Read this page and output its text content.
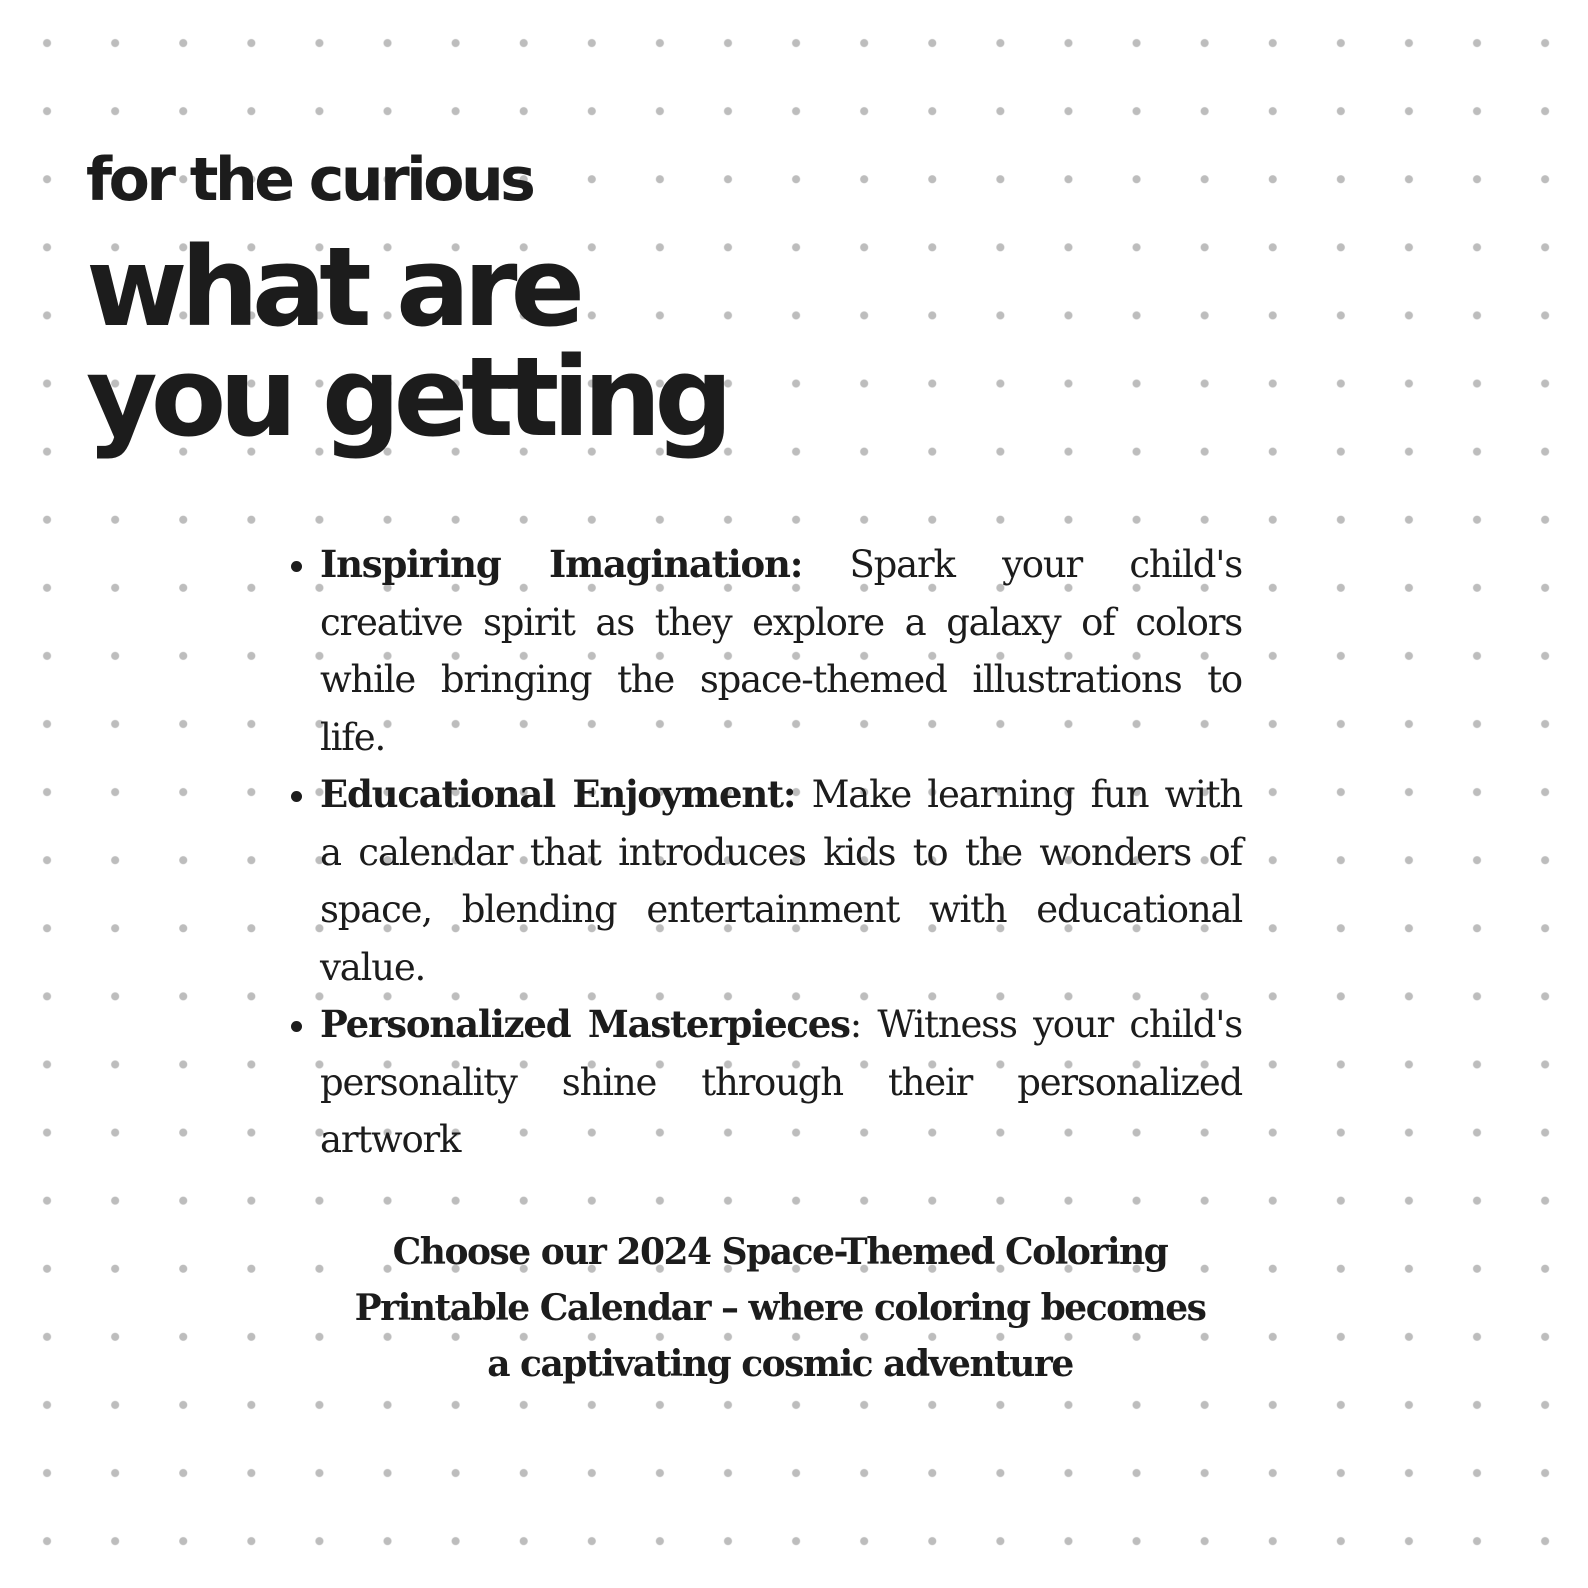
for the curious
what are
you getting
• Inspiring Imagination: Spark your child's creative spirit as they explore a galaxy of colors while bringing the space-themed illustrations to life.
• Educational Enjoyment: Make learning fun with a calendar that introduces kids to the wonders of space, blending entertainment with educational value.
• Personalized Masterpieces: Witness your child's personality shine through their personalized artwork

Choose our 2024 Space-Themed Coloring
Printable Calendar – where coloring becomes
a captivating cosmic adventure
